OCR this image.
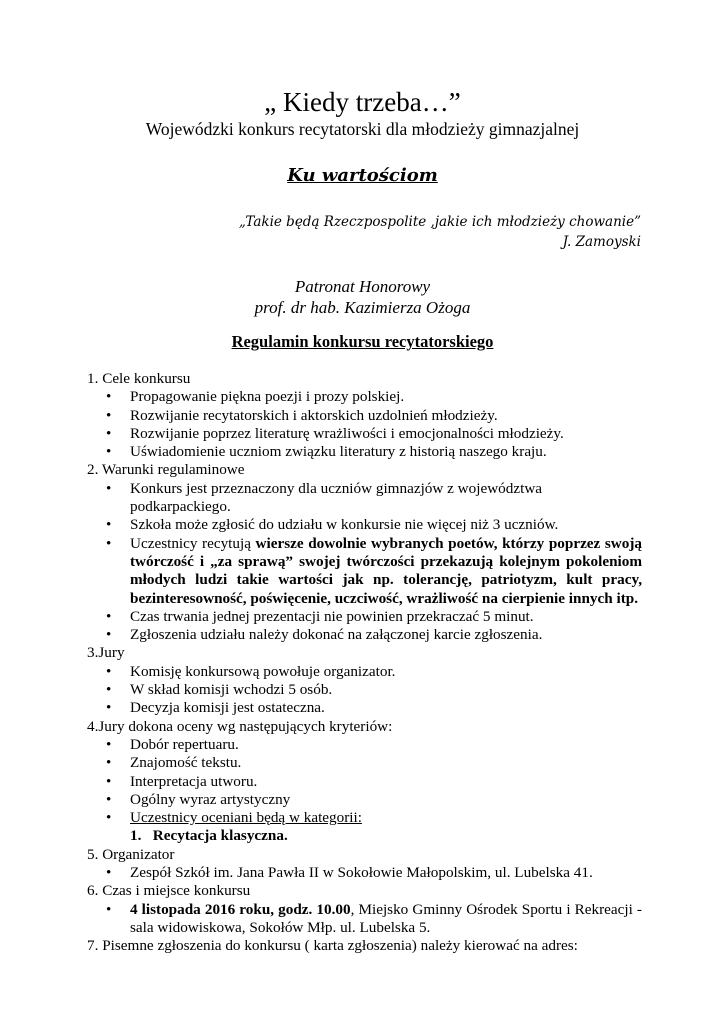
„ Kiedy trzeba…”
Wojewódzki konkurs recytatorski dla młodzieży gimnazjalnej
Ku wartościom
„Takie będą Rzeczpospolite ,jakie ich młodzieży chowanie”
J. Zamoyski
Patronat Honorowy
prof. dr hab. Kazimierza Ożoga
Regulamin konkursu recytatorskiego
1. Cele konkursu
• Propagowanie piękna poezji i prozy polskiej.
• Rozwijanie recytatorskich i aktorskich uzdolnień młodzieży.
• Rozwijanie poprzez literaturę wrażliwości i emocjonalności młodzieży.
• Uświadomienie uczniom związku literatury z historią naszego kraju.
2. Warunki regulaminowe
• Konkurs jest przeznaczony dla uczniów gimnazjów z województwa podkarpackiego.
• Szkoła może zgłosić do udziału w konkursie nie więcej niż 3 uczniów.
• Uczestnicy recytują wiersze dowolnie wybranych poetów, którzy poprzez swoją twórczość i „za sprawą” swojej twórczości przekazują kolejnym pokoleniom młodych ludzi takie wartości jak np. tolerancję, patriotyzm, kult pracy, bezinteresowność, poświęcenie, uczciwość, wrażliwość na cierpienie innych itp.
• Czas trwania jednej prezentacji nie powinien przekraczać 5 minut.
• Zgłoszenia udziału należy dokonać na załączonej karcie zgłoszenia.
3.Jury
• Komisję konkursową powołuje organizator.
• W skład komisji wchodzi 5 osób.
• Decyzja komisji jest ostateczna.
4.Jury dokona oceny wg następujących kryteriów:
• Dobór repertuaru.
• Znajomość tekstu.
• Interpretacja utworu.
• Ogólny wyraz artystyczny
• Uczestnicy oceniani będą w kategorii:
1. Recytacja klasyczna.
5. Organizator
• Zespół Szkół im. Jana Pawła II w Sokołowie Małopolskim, ul. Lubelska 41.
6. Czas i miejsce konkursu
• 4 listopada 2016 roku, godz. 10.00, Miejsko Gminny Ośrodek Sportu i Rekreacji - sala widowiskowa, Sokołów Młp. ul. Lubelska 5.
7. Pisemne zgłoszenia do konkursu ( karta zgłoszenia) należy kierować na adres:
